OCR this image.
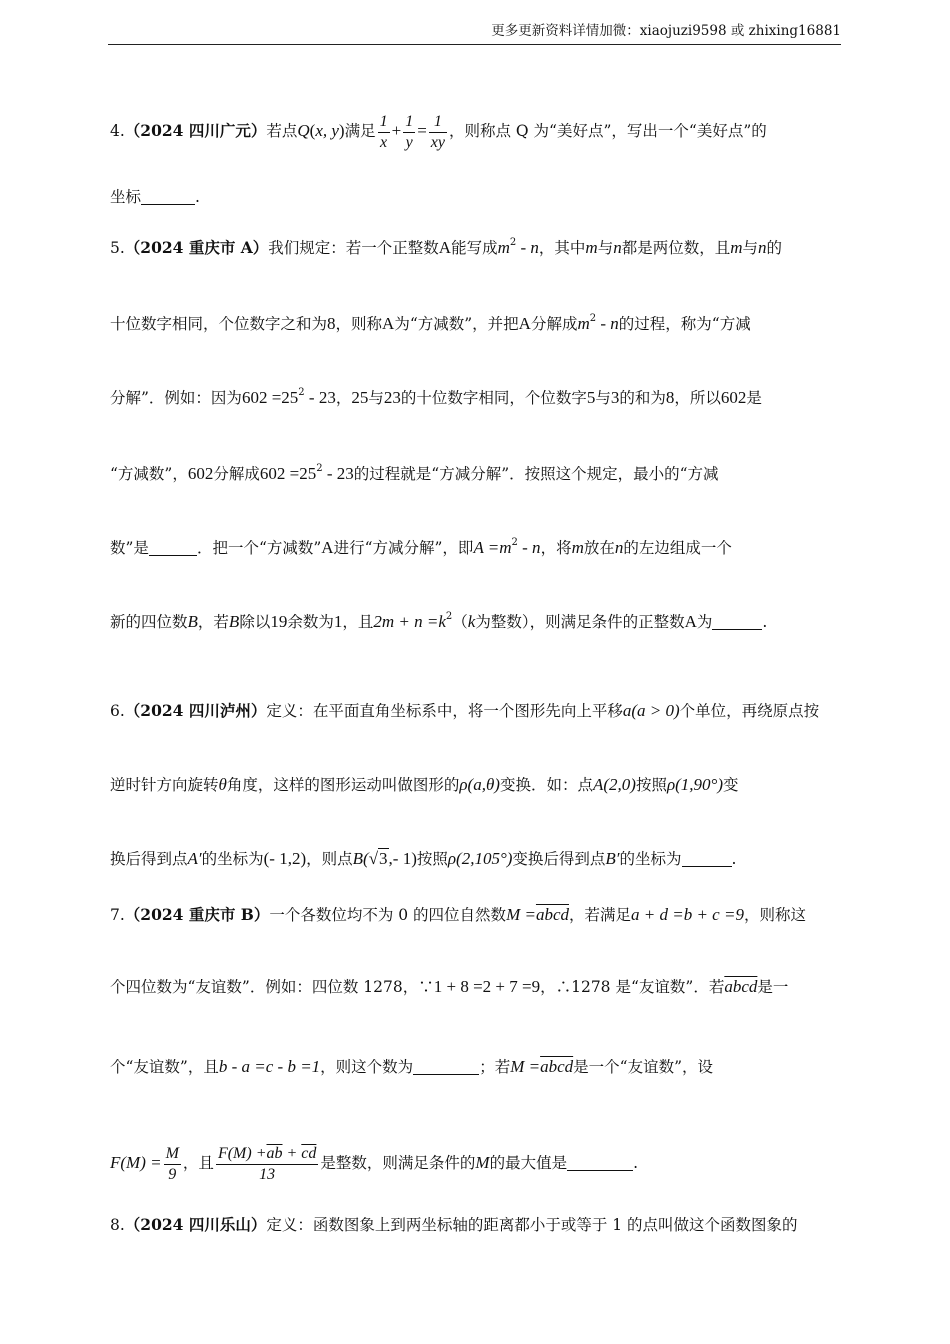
更多更新资料详情加微：xiaojuzi9598 或 zhixing16881
4.（2024 四川广元）若点Q(x, y)满足 $\frac{1}{x} + \frac{1}{y} = \frac{1}{xy}$ ，则称点 Q 为“美好点”，写出一个“美好点”的
坐标	.
5.（2024 重庆市 A）我们规定：若一个正整数A能写成$m^2$ - n，其中m与n都是两位数，且m与n的
十位数字相同，个位数字之和为8，则称A为“方减数”，并把A分解成$m^2$ - n的过程，称为“方减
分解”．例如：因为$602 =25^2 - 23$，25与23的十位数字相同，个位数字5与3的和为8，所以602是
“方减数”，602分解成$602 =25^2 - 23$的过程就是“方减分解”．按照这个规定，最小的“方减
数”是	．把一个“方减数”A进行“方减分解”，即$A =m^2 - n$，将m放在n的左边组成一个
新的四位数B，若B除以19余数为1，且$2m + n =k^2(k$为整数），则满足条件的正整数A为	.
6.（2024 四川泸州）定义：在平面直角坐标系中，将一个图形先向上平移a(a > 0)个单位，再绕原点按
逆时针方向旋转θ角度，这样的图形运动叫做图形的ρ(a,θ)变换．如：点A(2,0)按照ρ(1,90°)变
换后得到点A′的坐标为(- 1,2)，则点B(√3,- 1)按照ρ(2,105°)变换后得到点B′的坐标为	.
7.（2024 重庆市 B）一个各数位均不为 0 的四位自然数M =abcd，若满足a + d =b + c =9，则称这
个四位数为“友谊数”．例如：四位数 1278，∵1 + 8 =2 + 7 =9，∴1278 是“友谊数”．若abcd是一
个“友谊数”，且b - a =c - b =1，则这个数为	；若M =abcd是一个“友谊数”，设
$F(M) = \frac{M}{9}$ ，且 $\frac{F(M) +\overline{ab} + \overline{cd}}{13}$ 是整数，则满足条件的M的最大值是	.
8.（2024 四川乐山）定义：函数图象上到两坐标轴的距离都小于或等于 1 的点叫做这个函数图象的
